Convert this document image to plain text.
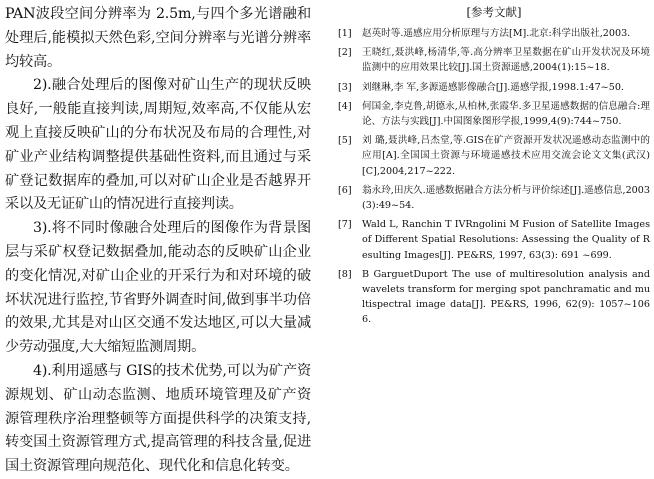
PAN波段空间分辨率为 2.5m,与四个多光谱融和处理后,能模拟天然色彩,空间分辨率与光谱分辨率均较高。

2).融合处理后的图像对矿山生产的现状反映良好,一般能直接判读,周期短,效率高,不仅能从宏观上直接反映矿山的分布状况及布局的合理性,对矿业产业结构调整提供基础性资料,而且通过与采矿登记数据库的叠加,可以对矿山企业是否越界开采以及无证矿山的情况进行直接判读。

3).将不同时像融合处理后的图像作为背景图层与采矿权登记数据叠加,能动态的反映矿山企业的变化情况,对矿山企业的开采行为和对环境的破坏状况进行监控,节省野外调查时间,做到事半功倍的效果,尤其是对山区交通不发达地区,可以大量减少劳动强度,大大缩短监测周期。

4).利用遥感与 GIS的技术优势,可以为矿产资源规划、矿山动态监测、地质环境管理及矿产资源管理秩序治理整顿等方面提供科学的决策支持,转变国土资源管理方式,提高管理的科技含量,促进国土资源管理向规范化、现代化和信息化转变。

[参考文献]
[1]	赵英时等.遥感应用分析原理与方法[M].北京:科学出版社,2003.
[2]	王晓红,聂洪峰,杨清华,等.高分辨率卫星数据在矿山开发状况及环境监测中的应用效果比较[J].国土资源遥感,2004(1):15~18.
[3]	刘继琳,李 军,多源遥感影像融合[J].遥感学报,1998.1:47~50.
[4]	何国金,李克鲁,胡德永,从柏林,张霞华.多卫星遥感数据的信息融合:理论、方法与实践[J].中国图象图形学报,1999,4(9):744~750.
[5]	刘 璐,聂洪峰,吕杰堂,等.GIS在矿产资源开发状况遥感动态监测中的应用[A].全国国土资源与环境遥感技术应用交流会论文文集(武汉)[C],2004,217~222.
[6]	翁永玲,田庆久.遥感数据融合方法分析与评价综述[J].遥感信息,2003(3):49~54.
[7]	Wald L, Ranchin T IVRngolini M Fusion of Satellite Images of Different Spatial Resolutions: Assessing the Quality of Resulting Images[J]. PE&RS, 1997, 63(3): 691 ~699.
[8]	B GarguetDuport The use of multiresolution analysis and wavelets transform for merging spot panchramatic and multispectral image data[J]. PE&RS, 1996, 62(9): 1057~1066.
